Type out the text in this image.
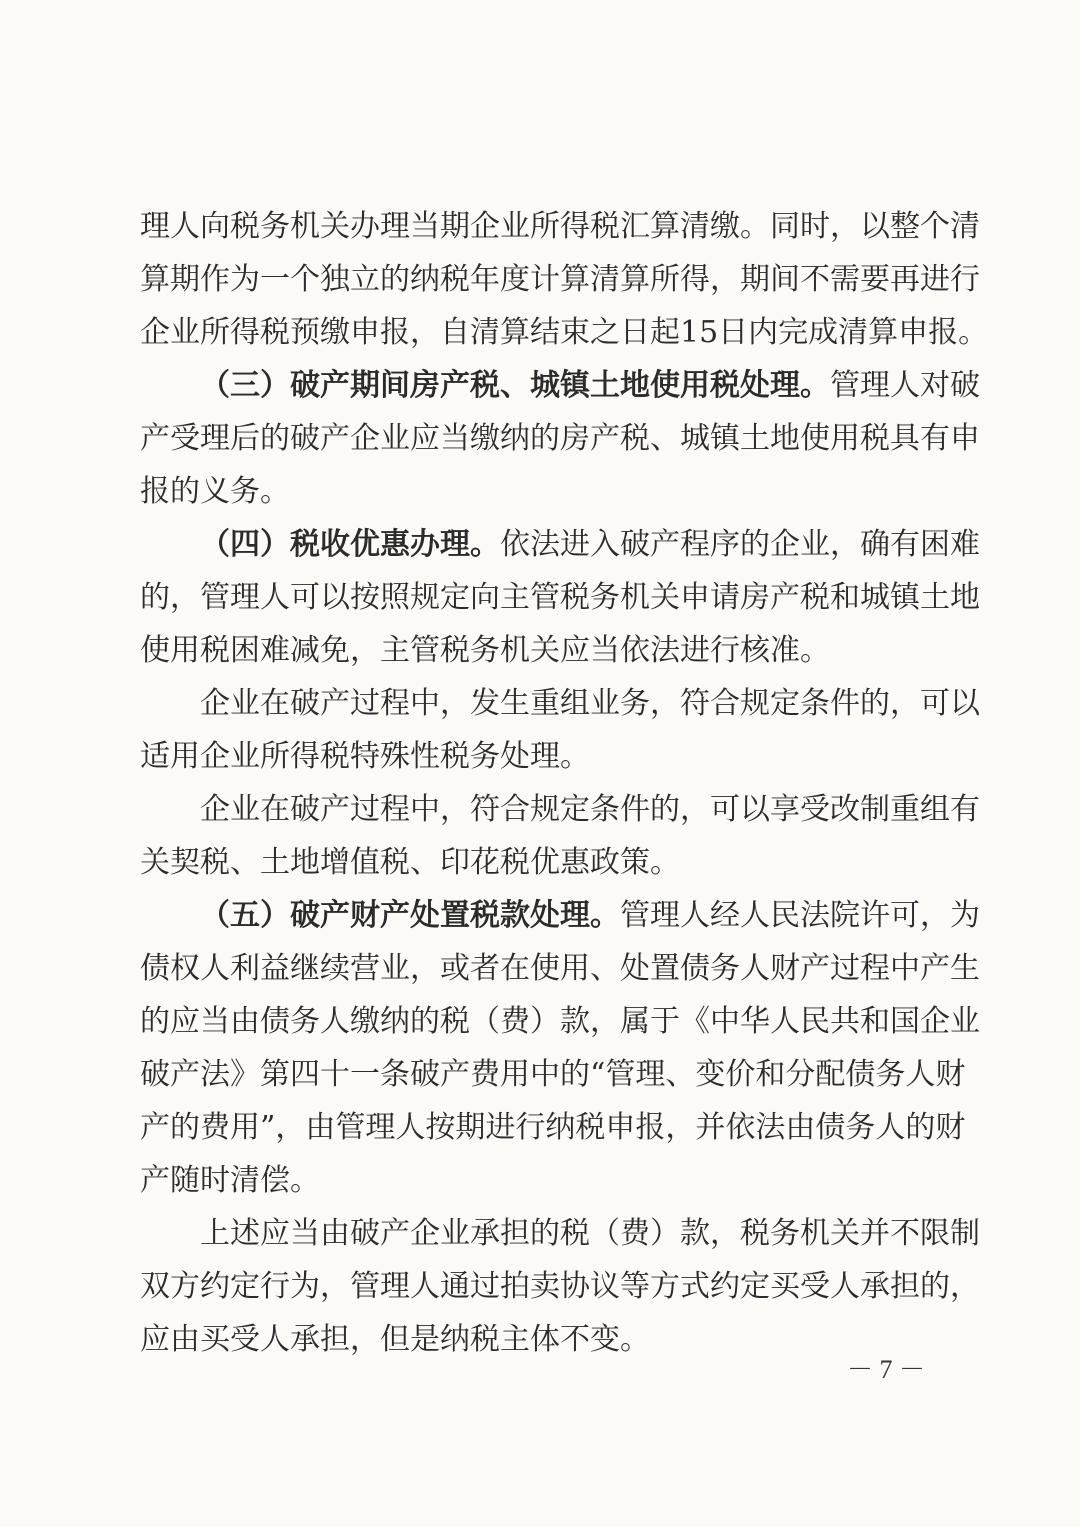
理人向税务机关办理当期企业所得税汇算清缴。同时，以整个清
算期作为一个独立的纳税年度计算清算所得，期间不需要再进行
企业所得税预缴申报，自清算结束之日起15日内完成清算申报。
（三）破产期间房产税、城镇土地使用税处理。管理人对破
产受理后的破产企业应当缴纳的房产税、城镇土地使用税具有申
报的义务。
（四）税收优惠办理。依法进入破产程序的企业，确有困难
的，管理人可以按照规定向主管税务机关申请房产税和城镇土地
使用税困难减免，主管税务机关应当依法进行核准。
企业在破产过程中，发生重组业务，符合规定条件的，可以
适用企业所得税特殊性税务处理。
企业在破产过程中，符合规定条件的，可以享受改制重组有
关契税、土地增值税、印花税优惠政策。
（五）破产财产处置税款处理。管理人经人民法院许可，为
债权人利益继续营业，或者在使用、处置债务人财产过程中产生
的应当由债务人缴纳的税（费）款，属于《中华人民共和国企业
破产法》第四十一条破产费用中的“管理、变价和分配债务人财
产的费用”，由管理人按期进行纳税申报，并依法由债务人的财
产随时清偿。
上述应当由破产企业承担的税（费）款，税务机关并不限制
双方约定行为，管理人通过拍卖协议等方式约定买受人承担的，
应由买受人承担，但是纳税主体不变。
－ 7 －
